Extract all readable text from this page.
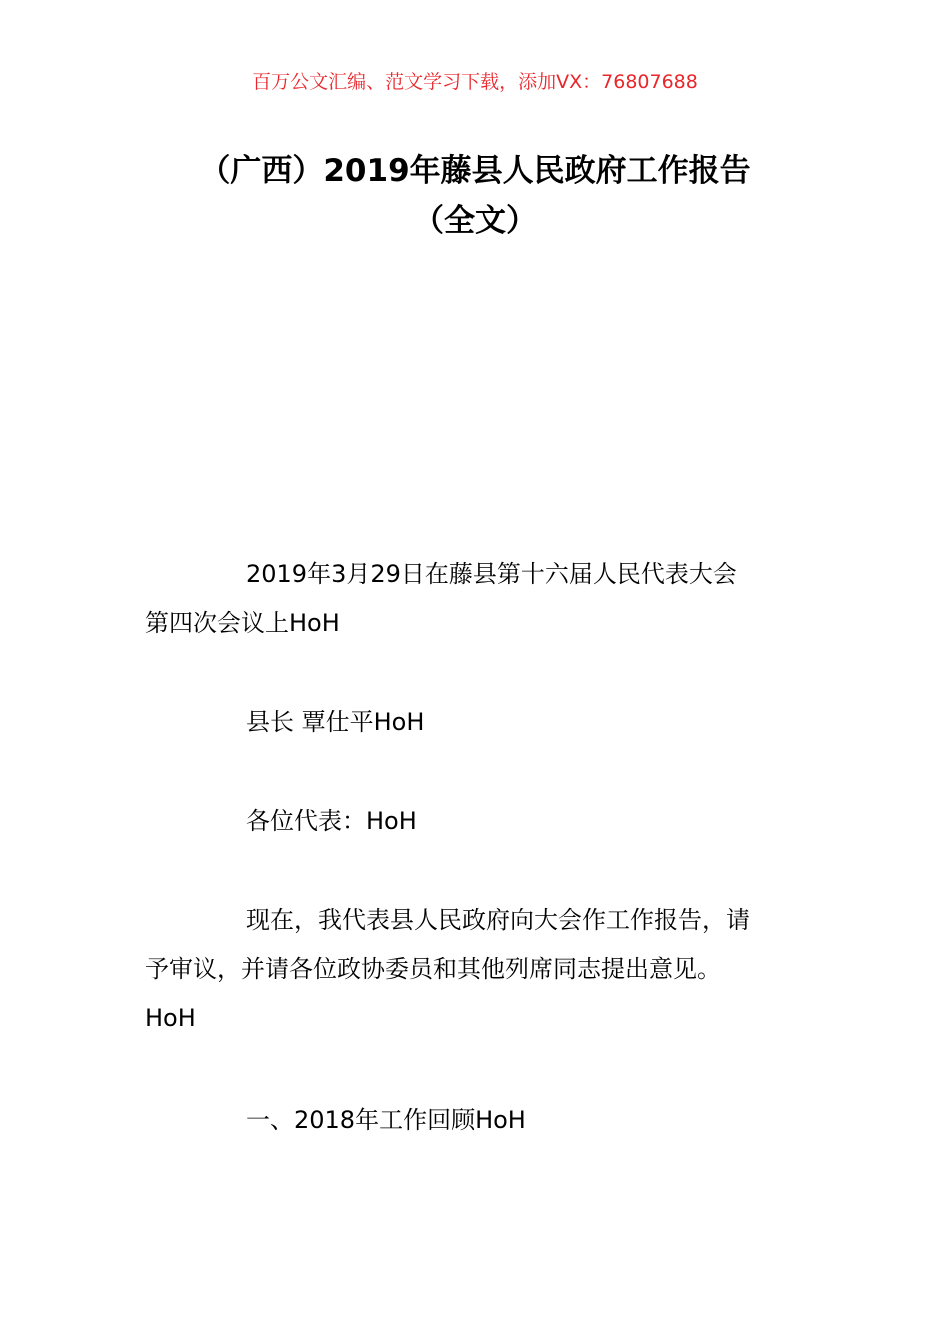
百万公文汇编、范文学习下载，添加VX：76807688
（广西）2019年藤县人民政府工作报告
（全文）
2019年3月29日在藤县第十六届人民代表大会
第四次会议上HoH
县长 覃仕平HoH
各位代表：HoH
现在，我代表县人民政府向大会作工作报告，请
予审议，并请各位政协委员和其他列席同志提出意见。
HoH
一、2018年工作回顾HoH
